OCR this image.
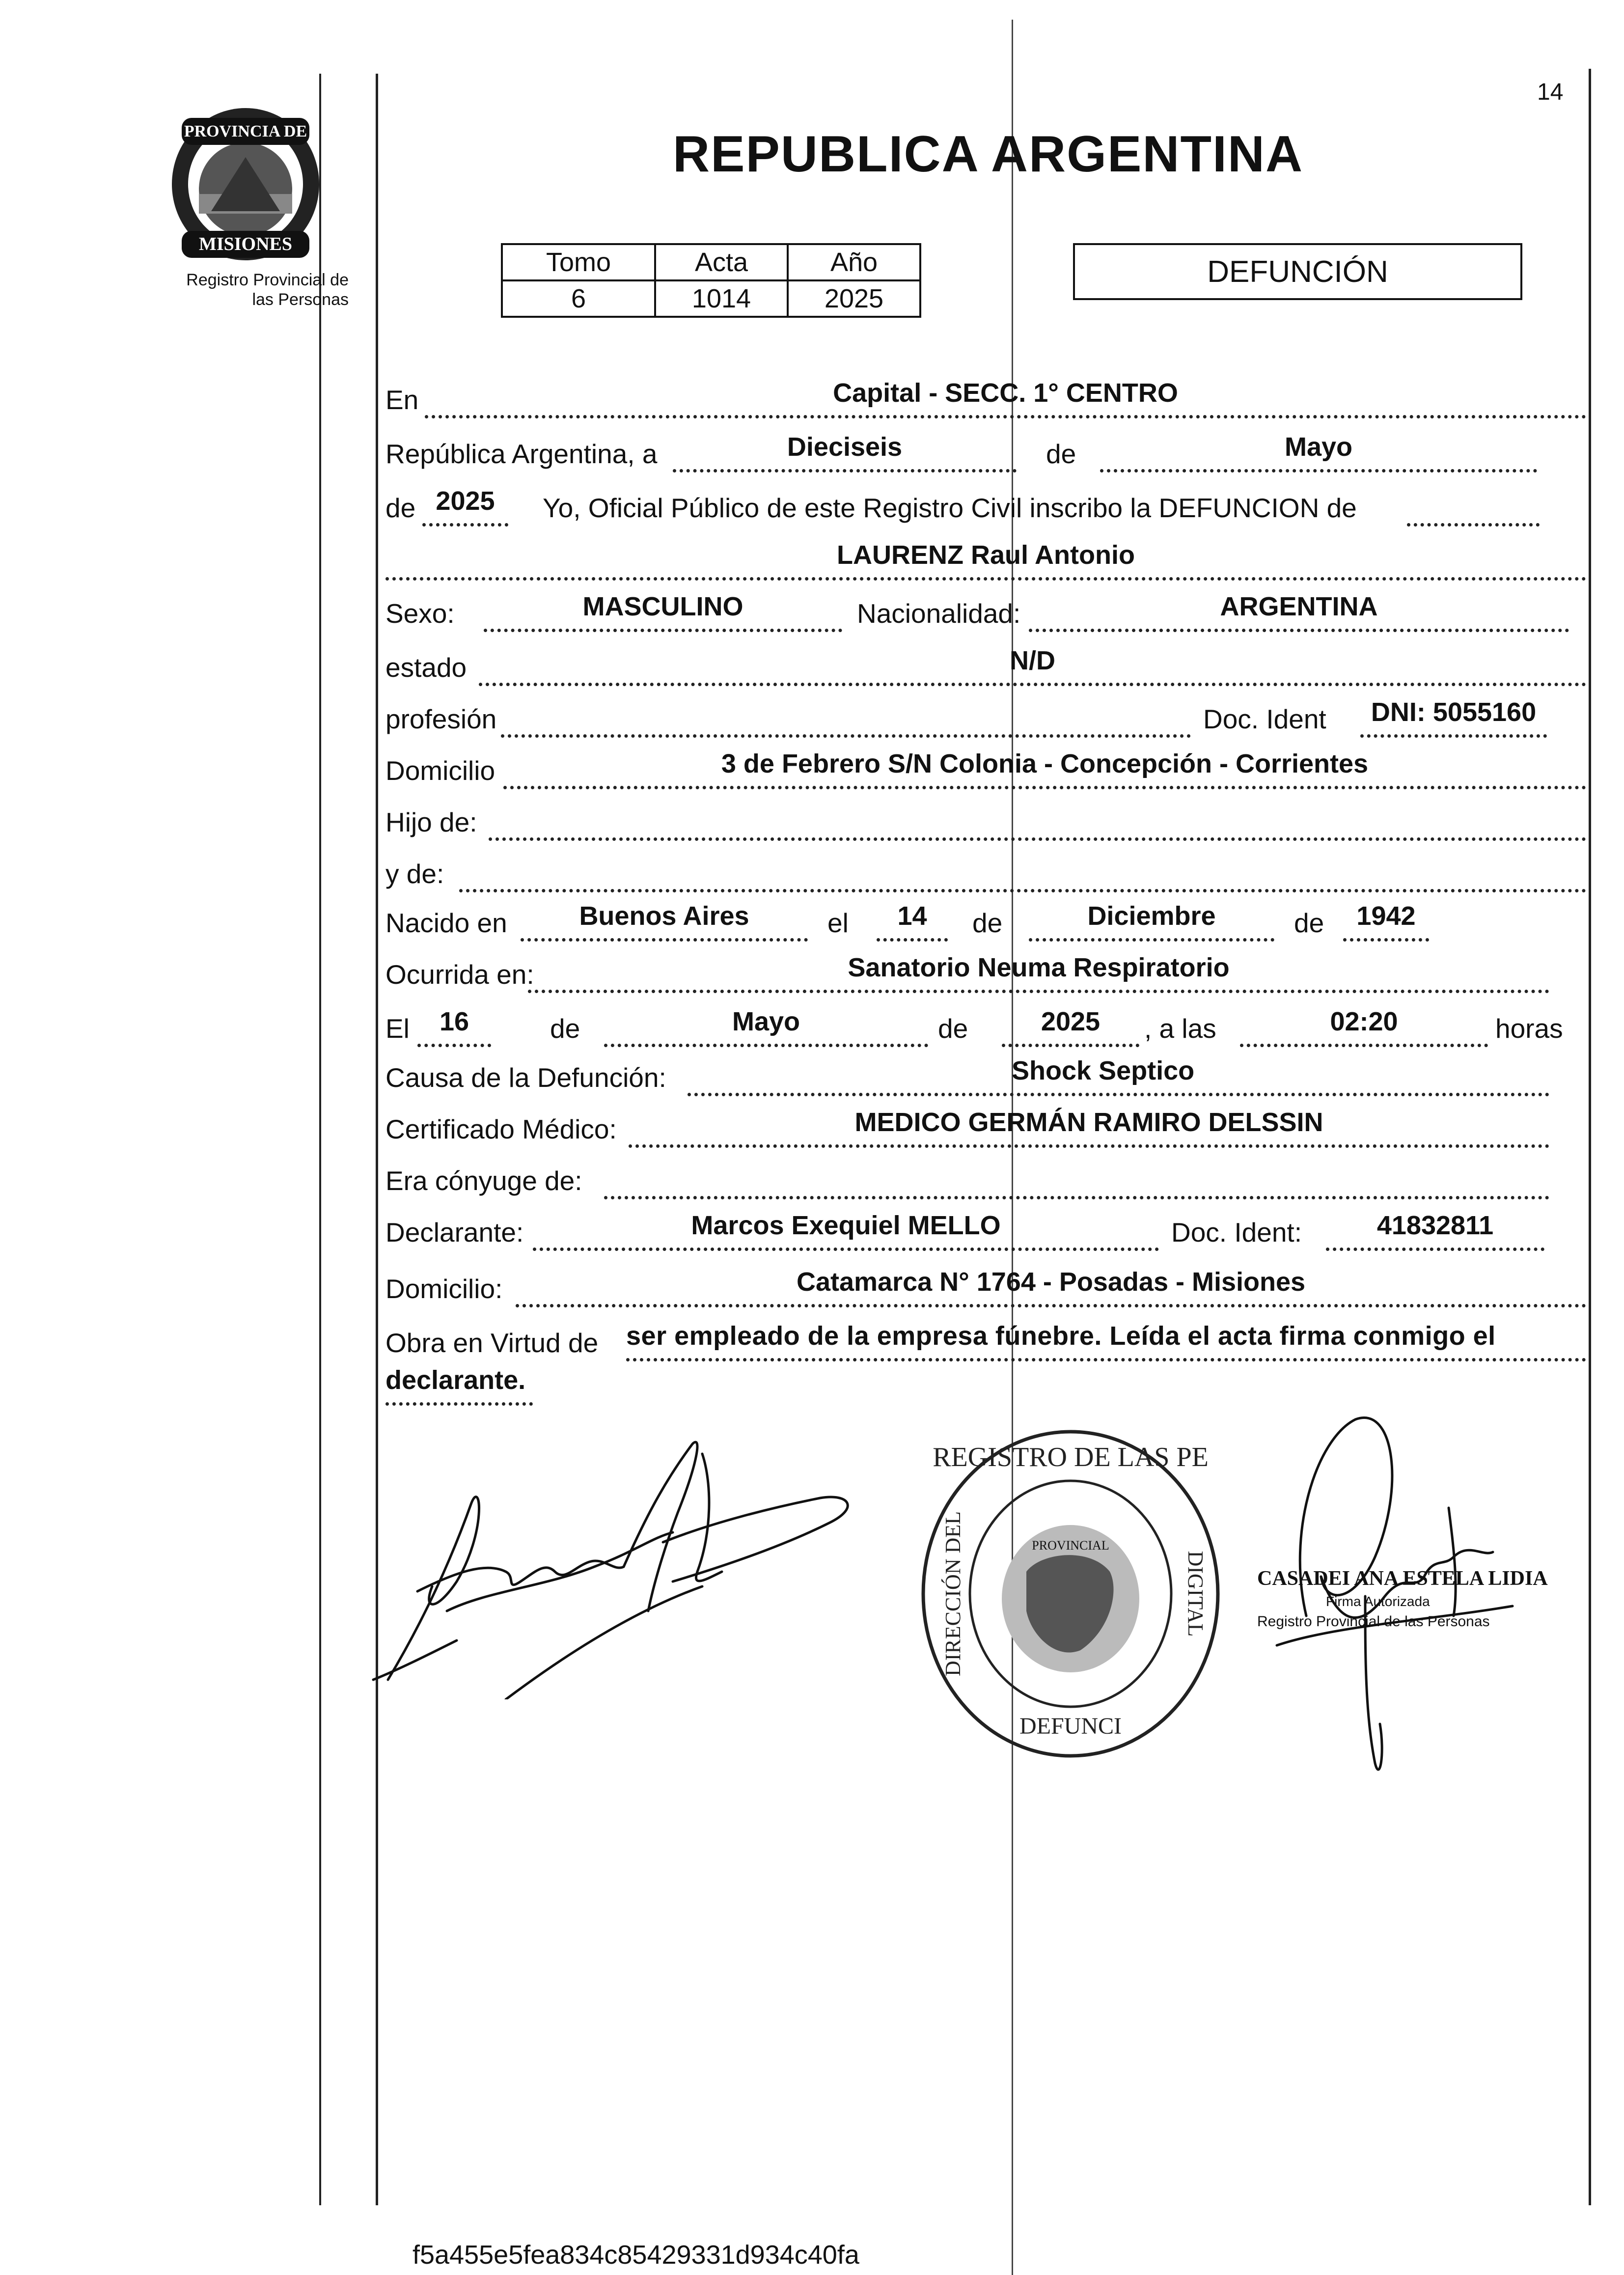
14
REPUBLICA ARGENTINA
PROVINCIA DE
MISIONES
Registro Provincial de
las Personas
Tomo	Acta	Año
6	1014	2025
DEFUNCIÓN
En	Capital - SECC. 1° CENTRO
República Argentina, a	Dieciseis	de	Mayo
de 2025	Yo, Oficial Público de este Registro Civil inscribo la DEFUNCION de
LAURENZ Raul Antonio
Sexo:	MASCULINO	Nacionalidad:	ARGENTINA
estado	N/D
profesión	Doc. Ident	DNI: 5055160
Domicilio	3 de Febrero S/N Colonia - Concepción - Corrientes
Hijo de:
y de:
Nacido en	Buenos Aires	el	14	de	Diciembre	de	1942
Ocurrida en:	Sanatorio Neuma Respiratorio
El	16	de	Mayo	de	2025	, a las	02:20	horas
Causa de la Defunción:	Shock Septico
Certificado Médico:	MEDICO GERMÁN RAMIRO DELSSIN
Era cónyuge de:
Declarante:	Marcos Exequiel MELLO	Doc. Ident:	41832811
Domicilio:	Catamarca N° 1764 - Posadas - Misiones
Obra en Virtud de ser empleado de la empresa fúnebre. Leída el acta firma conmigo el
declarante.
REGISTRO DE LAS PE
DIRECCIÓN DEL	DIGITAL
DEFUNCI
PROVINCIAL
CASADEI ANA ESTELA LIDIA
Firma Autorizada
Registro Provincial de las Personas
f5a455e5fea834c85429331d934c40fa
